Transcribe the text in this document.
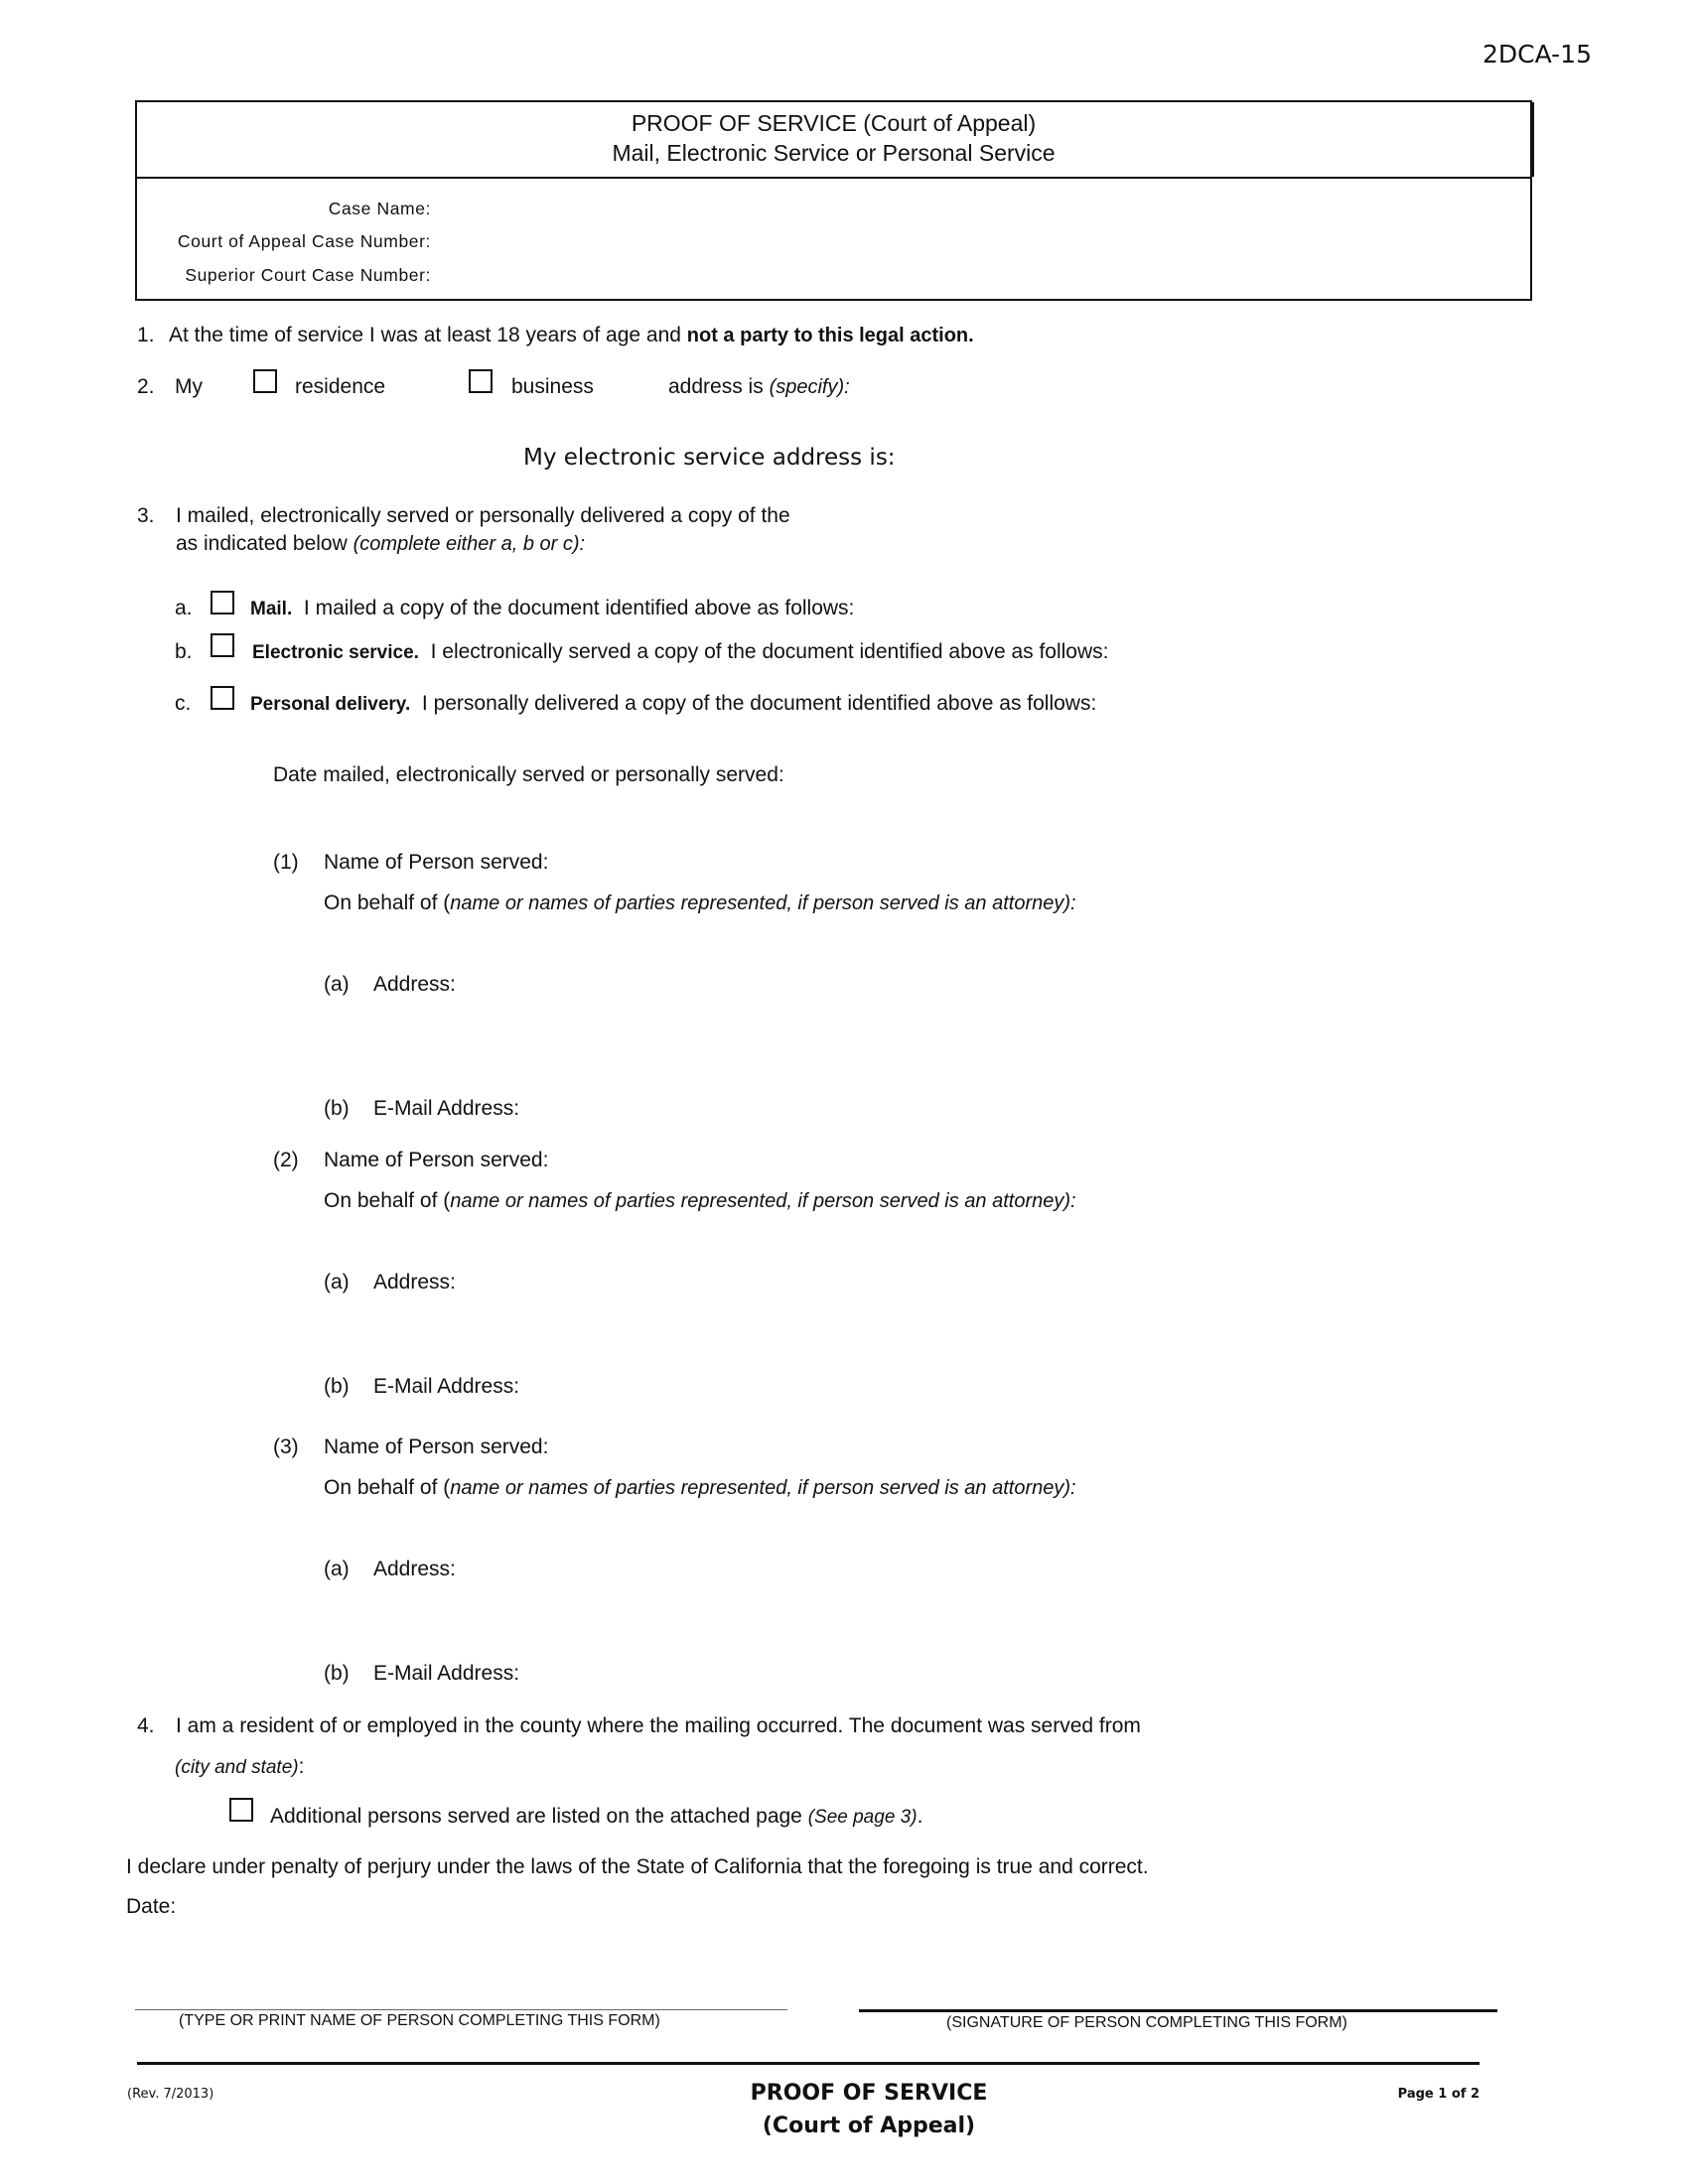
2DCA-15
PROOF OF SERVICE (Court of Appeal)
Mail, Electronic Service or Personal Service
Case Name:
Court of Appeal Case Number:
Superior Court Case Number:
1. At the time of service I was at least 18 years of age and not a party to this legal action.
2. My	residence	business	address is (specify):
My electronic service address is:
3. I mailed, electronically served or personally delivered a copy of the
as indicated below (complete either a, b or c):
a.	Mail. I mailed a copy of the document identified above as follows:
b.	Electronic service. I electronically served a copy of the document identified above as follows:
c.	Personal delivery. I personally delivered a copy of the document identified above as follows:
Date mailed, electronically served or personally served:
(1) Name of Person served:
On behalf of (name or names of parties represented, if person served is an attorney):
(a) Address:
(b) E-Mail Address:
(2) Name of Person served:
On behalf of (name or names of parties represented, if person served is an attorney):
(a) Address:
(b) E-Mail Address:
(3) Name of Person served:
On behalf of (name or names of parties represented, if person served is an attorney):
(a) Address:
(b) E-Mail Address:
4. I am a resident of or employed in the county where the mailing occurred. The document was served from
(city and state):
Additional persons served are listed on the attached page (See page 3).
I declare under penalty of perjury under the laws of the State of California that the foregoing is true and correct.
Date:
(TYPE OR PRINT NAME OF PERSON COMPLETING THIS FORM)	(SIGNATURE OF PERSON COMPLETING THIS FORM)
(Rev. 7/2013)	PROOF OF SERVICE
(Court of Appeal)
Page 1 of 2
